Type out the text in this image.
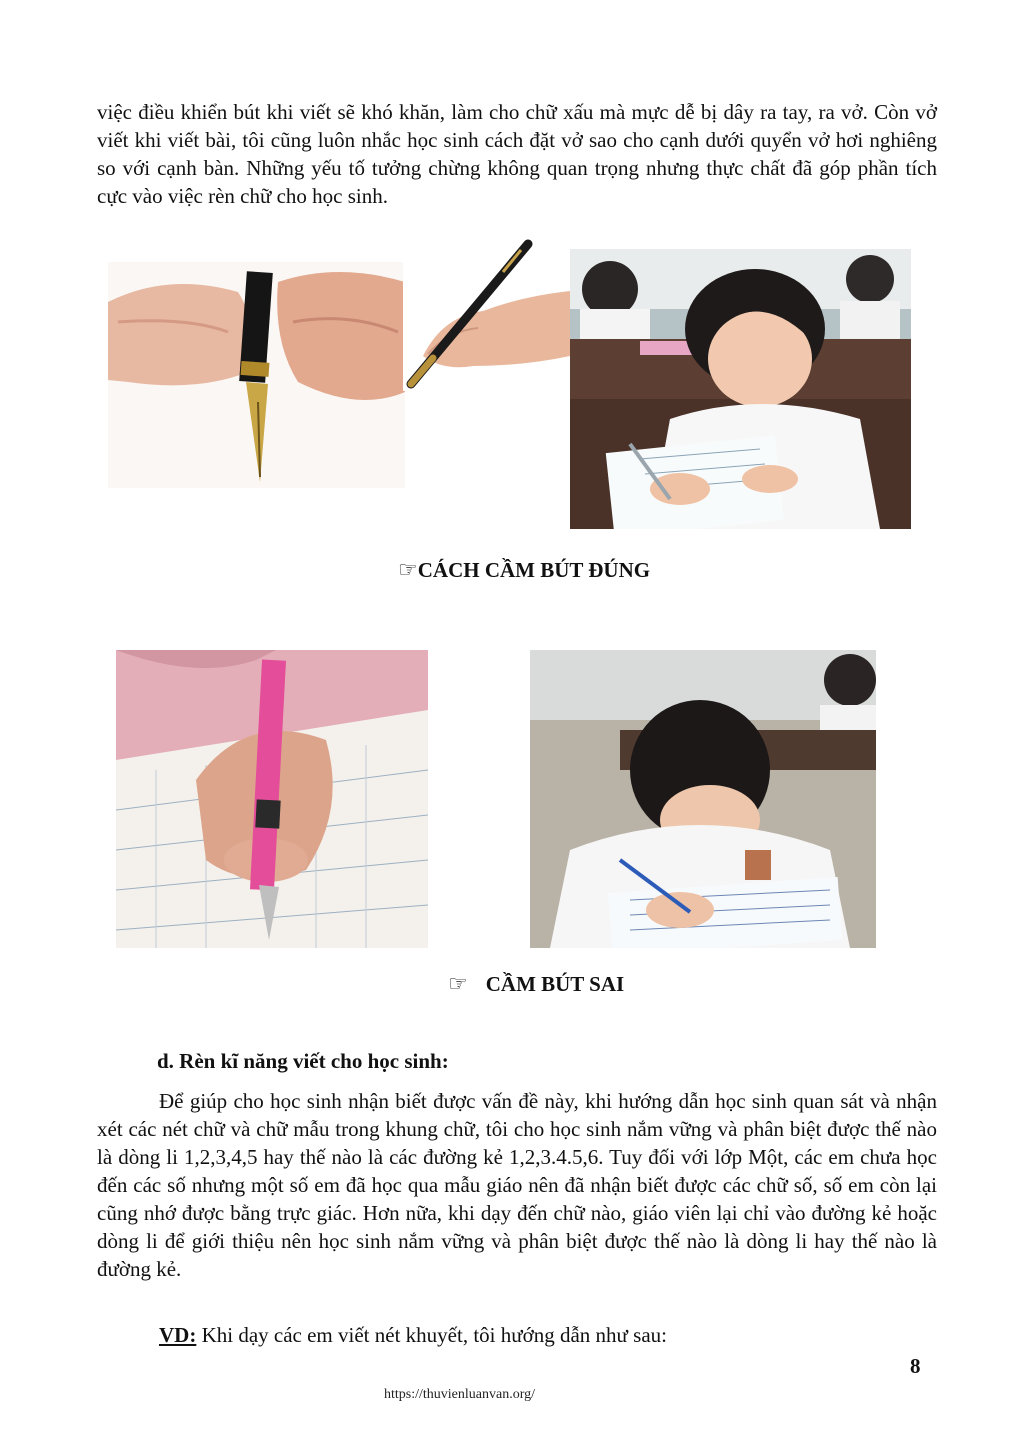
việc điều khiển bút khi viết sẽ khó khăn, làm cho chữ xấu mà mực dễ bị dây ra tay, ra vở. Còn vở viết khi viết bài, tôi cũng luôn nhắc học sinh cách đặt vở sao cho cạnh dưới quyển vở hơi nghiêng so với cạnh bàn. Những yếu tố tưởng chừng không quan trọng nhưng thực chất đã góp phần tích cực vào việc rèn chữ cho học sinh.

☞CÁCH CẦM BÚT ĐÚNG
☞ CẦM BÚT SAI
d. Rèn kĩ năng viết cho học sinh:

Để giúp cho học sinh nhận biết được vấn đề này, khi hướng dẫn học sinh quan sát và nhận xét các nét chữ và chữ mẫu trong khung chữ, tôi cho học sinh nắm vững và phân biệt được thế nào là dòng li 1,2,3,4,5 hay thế nào là các đường kẻ 1,2,3.4.5,6. Tuy đối với lớp Một, các em chưa học đến các số nhưng một số em đã học qua mẫu giáo nên đã nhận biết được các chữ số, số em còn lại cũng nhớ được bằng trực giác. Hơn nữa, khi dạy đến chữ nào, giáo viên lại chỉ vào đường kẻ hoặc dòng li để giới thiệu nên học sinh nắm vững và phân biệt được thế nào là dòng li hay thế nào là đường kẻ.

VD: Khi dạy các em viết nét khuyết, tôi hướng dẫn như sau:

8
https://thuvienluanvan.org/
